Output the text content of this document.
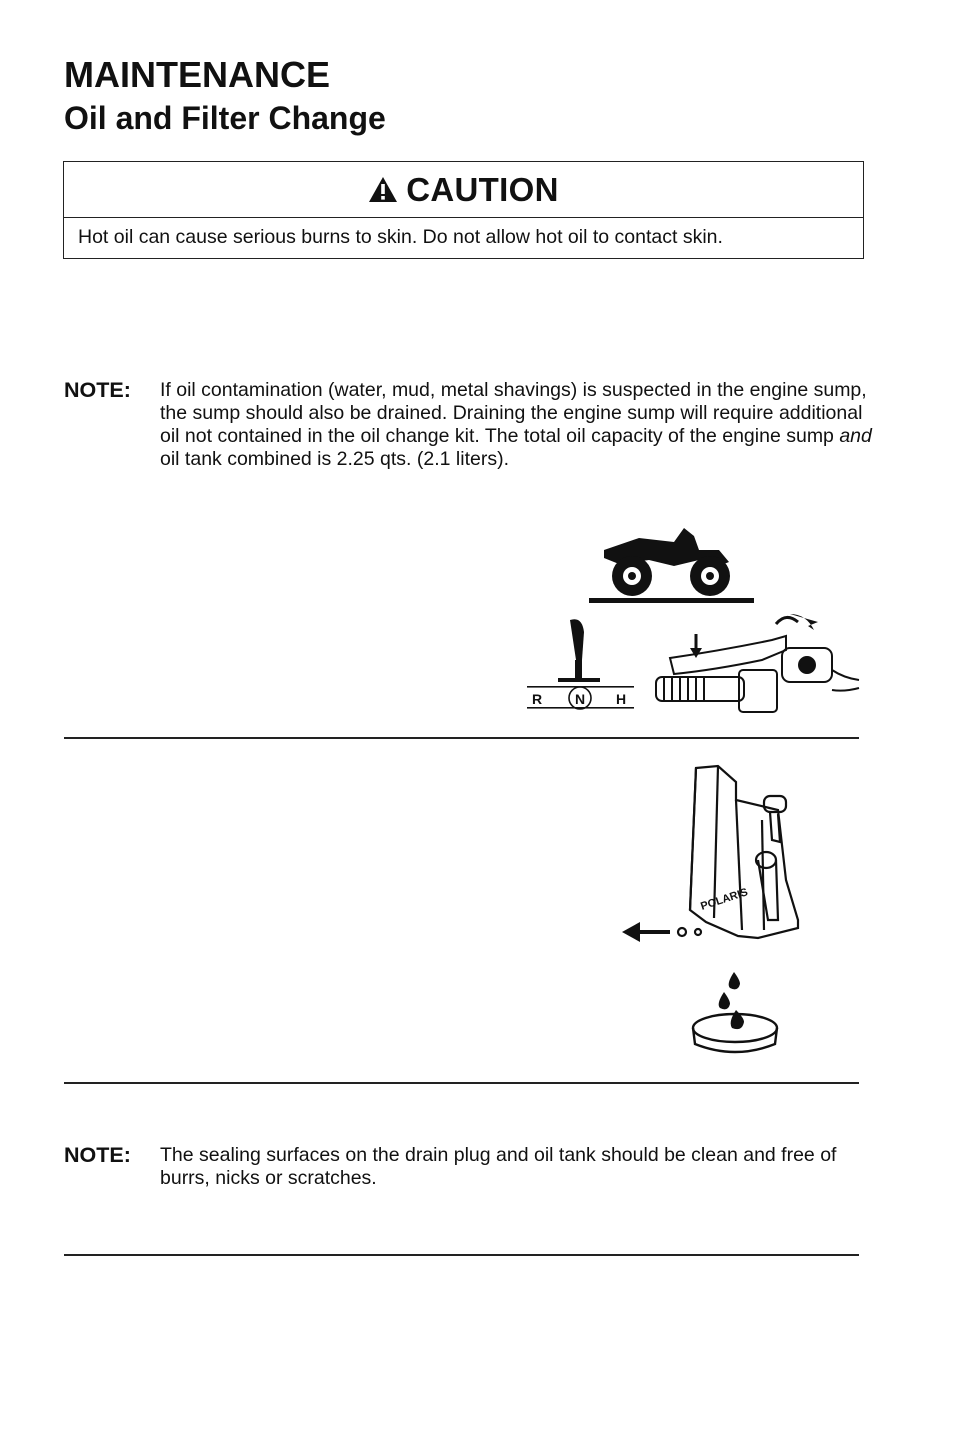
MAINTENANCE
Oil and Filter Change
CAUTION
Hot oil can cause serious burns to skin. Do not allow hot oil to contact skin.
NOTE: If oil contamination (water, mud, metal shavings) is suspected in the engine sump, the sump should also be drained. Draining the engine sump will require additional oil not contained in the oil change kit. The total oil capacity of the engine sump and oil tank combined is 2.25 qts. (2.1 liters).
R N H
POLARIS
NOTE: The sealing surfaces on the drain plug and oil tank should be clean and free of burrs, nicks or scratches.
